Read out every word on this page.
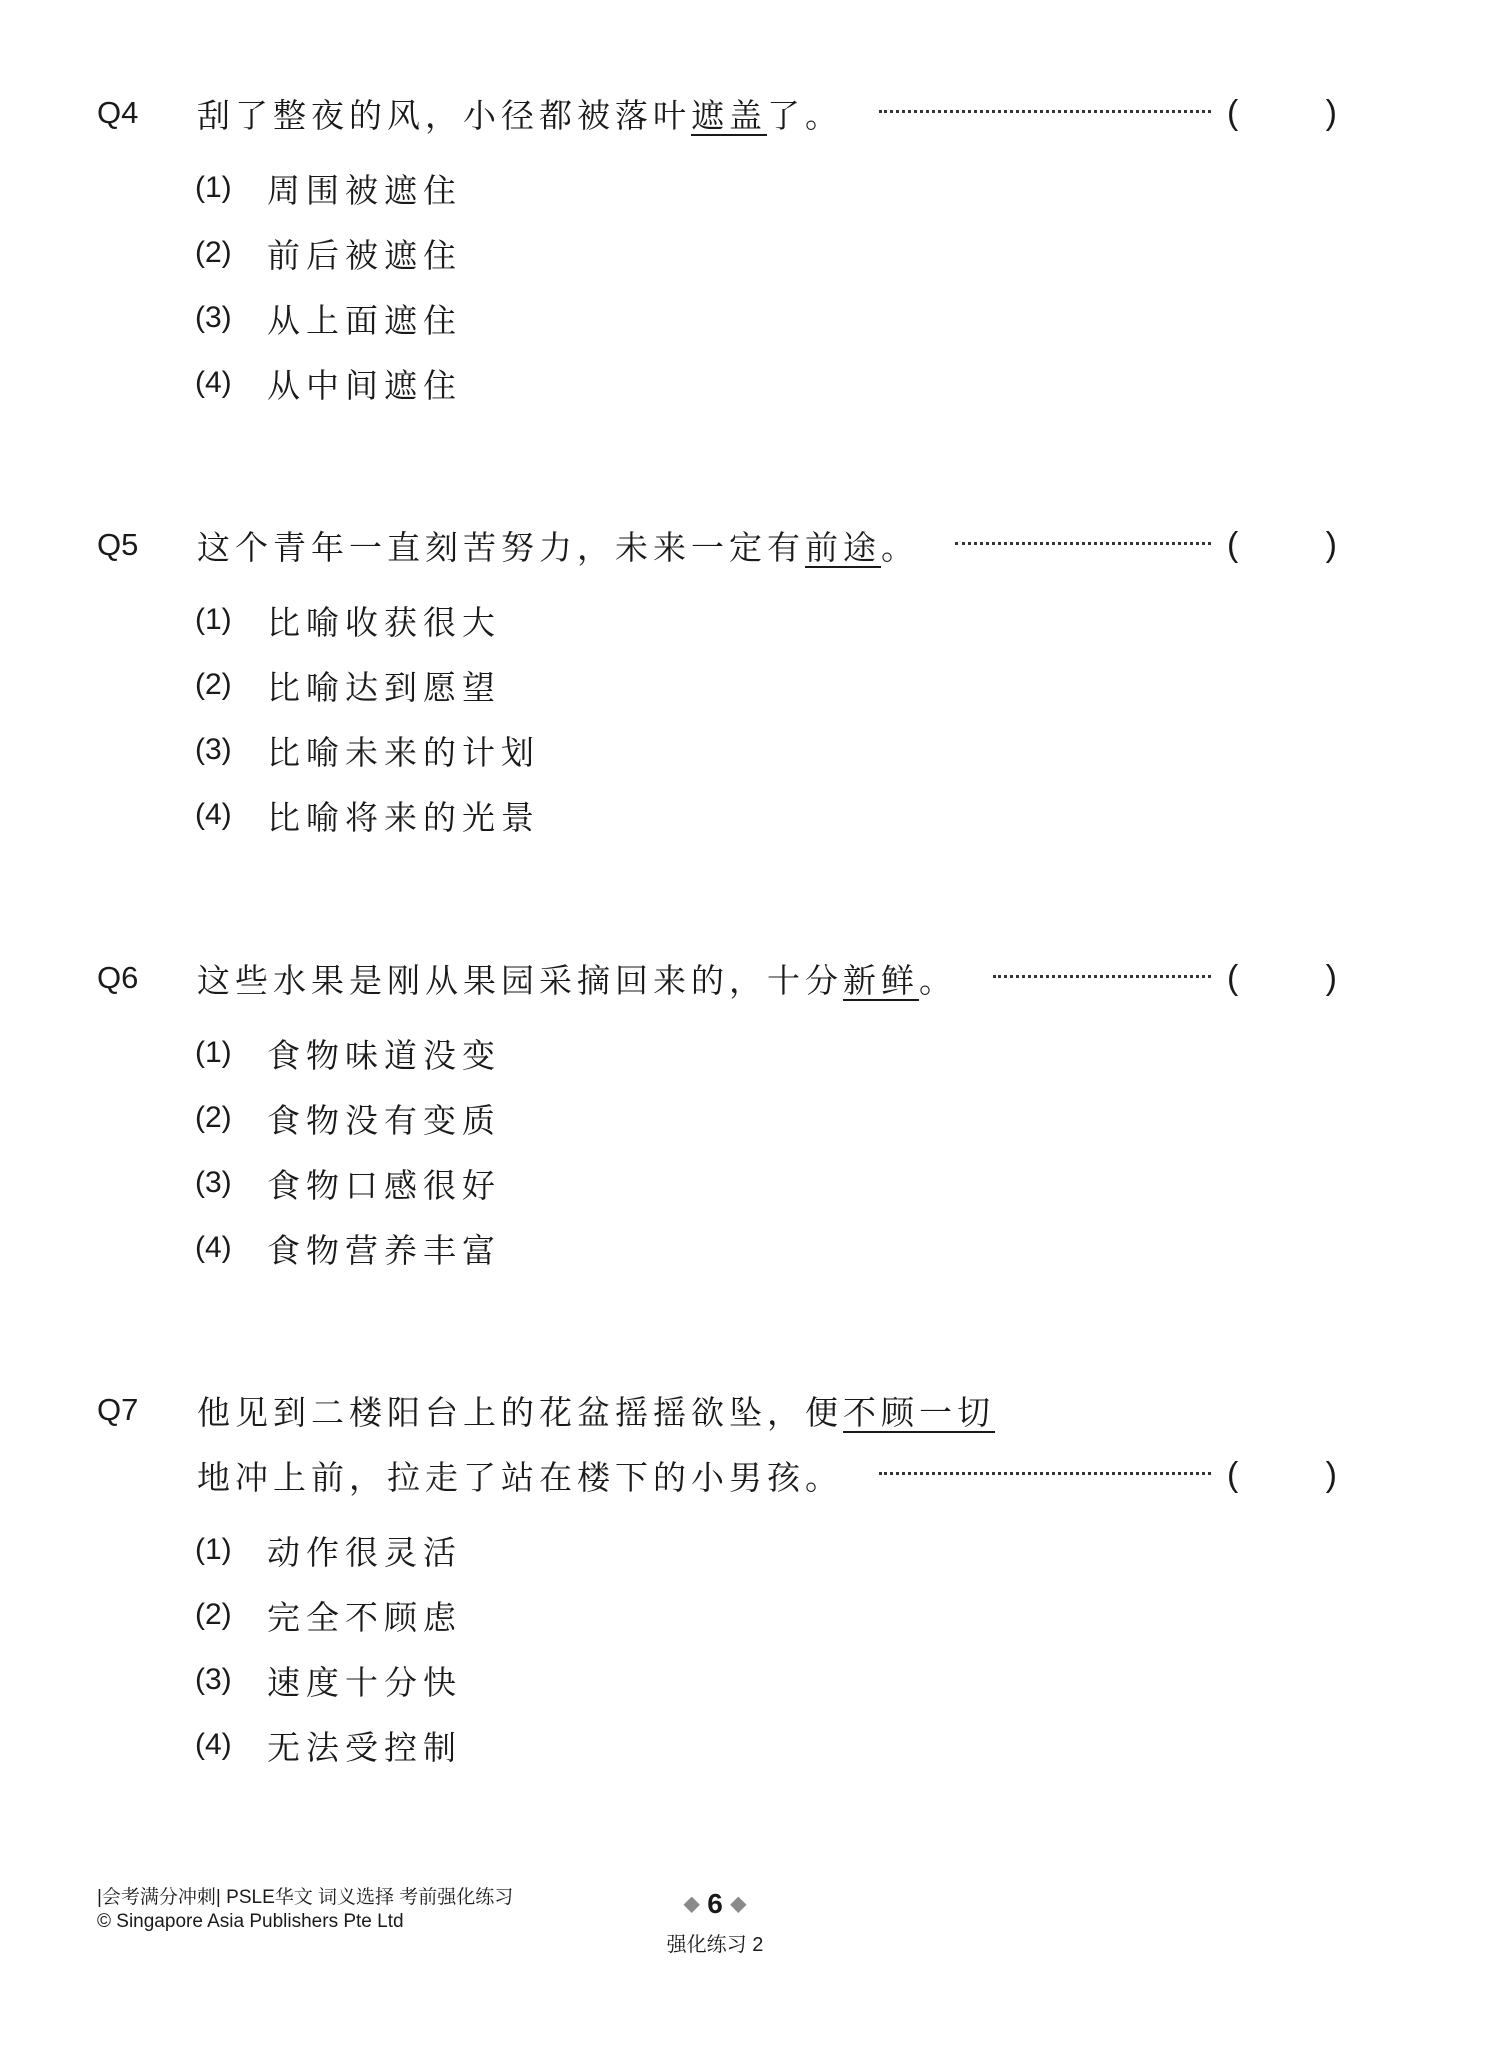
Q4	刮了整夜的风，小径都被落叶遮盖了。	(	)
(1)	周围被遮住
(2)	前后被遮住
(3)	从上面遮住
(4)	从中间遮住
Q5	这个青年一直刻苦努力，未来一定有前途。	(	)
(1)	比喻收获很大
(2)	比喻达到愿望
(3)	比喻未来的计划
(4)	比喻将来的光景
Q6	这些水果是刚从果园采摘回来的，十分新鲜。	(	)
(1)	食物味道没变
(2)	食物没有变质
(3)	食物口感很好
(4)	食物营养丰富
Q7	他见到二楼阳台上的花盆摇摇欲坠，便不顾一切
地冲上前，拉走了站在楼下的小男孩。	(	)
(1)	动作很灵活
(2)	完全不顾虑
(3)	速度十分快
(4)	无法受控制
|会考满分冲刺| PSLE华文 词义选择 考前强化练习
© Singapore Asia Publishers Pte Ltd
◆ 6 ◆
强化练习 2
